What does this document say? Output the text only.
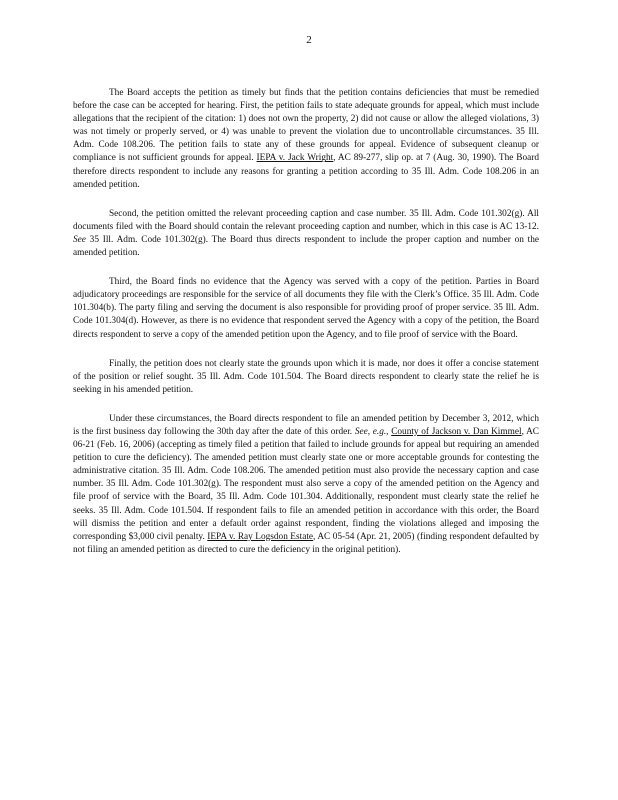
2

The Board accepts the petition as timely but finds that the petition contains deficiencies that must be remedied before the case can be accepted for hearing. First, the petition fails to state adequate grounds for appeal, which must include allegations that the recipient of the citation: 1) does not own the property, 2) did not cause or allow the alleged violations, 3) was not timely or properly served, or 4) was unable to prevent the violation due to uncontrollable circumstances. 35 Ill. Adm. Code 108.206. The petition fails to state any of these grounds for appeal. Evidence of subsequent cleanup or compliance is not sufficient grounds for appeal. IEPA v. Jack Wright, AC 89-277, slip op. at 7 (Aug. 30, 1990). The Board therefore directs respondent to include any reasons for granting a petition according to 35 Ill. Adm. Code 108.206 in an amended petition.

Second, the petition omitted the relevant proceeding caption and case number. 35 Ill. Adm. Code 101.302(g). All documents filed with the Board should contain the relevant proceeding caption and number, which in this case is AC 13-12. See 35 Ill. Adm. Code 101.302(g). The Board thus directs respondent to include the proper caption and number on the amended petition.

Third, the Board finds no evidence that the Agency was served with a copy of the petition. Parties in Board adjudicatory proceedings are responsible for the service of all documents they file with the Clerk’s Office. 35 Ill. Adm. Code 101.304(b). The party filing and serving the document is also responsible for providing proof of proper service. 35 Ill. Adm. Code 101.304(d). However, as there is no evidence that respondent served the Agency with a copy of the petition, the Board directs respondent to serve a copy of the amended petition upon the Agency, and to file proof of service with the Board.

Finally, the petition does not clearly state the grounds upon which it is made, nor does it offer a concise statement of the position or relief sought. 35 Ill. Adm. Code 101.504. The Board directs respondent to clearly state the relief he is seeking in his amended petition.

Under these circumstances, the Board directs respondent to file an amended petition by December 3, 2012, which is the first business day following the 30th day after the date of this order. See, e.g., County of Jackson v. Dan Kimmel, AC 06-21 (Feb. 16, 2006) (accepting as timely filed a petition that failed to include grounds for appeal but requiring an amended petition to cure the deficiency). The amended petition must clearly state one or more acceptable grounds for contesting the administrative citation. 35 Ill. Adm. Code 108.206. The amended petition must also provide the necessary caption and case number. 35 Ill. Adm. Code 101.302(g). The respondent must also serve a copy of the amended petition on the Agency and file proof of service with the Board, 35 Ill. Adm. Code 101.304. Additionally, respondent must clearly state the relief he seeks. 35 Ill. Adm. Code 101.504. If respondent fails to file an amended petition in accordance with this order, the Board will dismiss the petition and enter a default order against respondent, finding the violations alleged and imposing the corresponding $3,000 civil penalty. IEPA v. Ray Logsdon Estate, AC 05-54 (Apr. 21, 2005) (finding respondent defaulted by not filing an amended petition as directed to cure the deficiency in the original petition).
